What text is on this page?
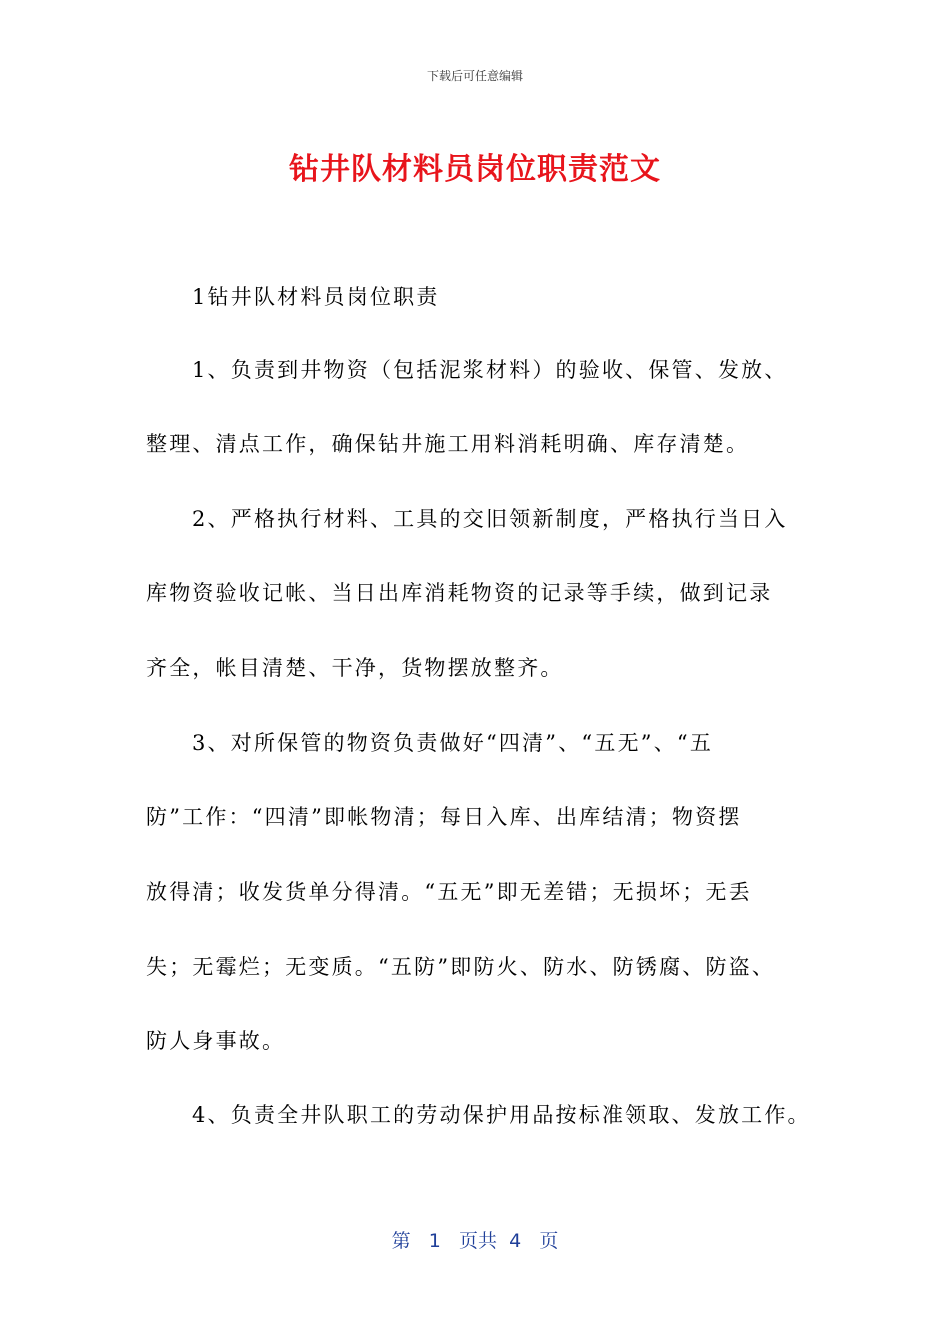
下载后可任意编辑
钻井队材料员岗位职责范文
1钻井队材料员岗位职责
1、负责到井物资（包括泥浆材料）的验收、保管、发放、
整理、清点工作，确保钻井施工用料消耗明确、库存清楚。
2、严格执行材料、工具的交旧领新制度，严格执行当日入
库物资验收记帐、当日出库消耗物资的记录等手续，做到记录
齐全，帐目清楚、干净，货物摆放整齐。
3、对所保管的物资负责做好“四清”、“五无”、“五
防”工作：“四清”即帐物清；每日入库、出库结清；物资摆
放得清；收发货单分得清。“五无”即无差错；无损坏；无丢
失；无霉烂；无变质。“五防”即防火、防水、防锈腐、防盗、
防人身事故。
4、负责全井队职工的劳动保护用品按标准领取、发放工作。
第 1 页共 4 页
